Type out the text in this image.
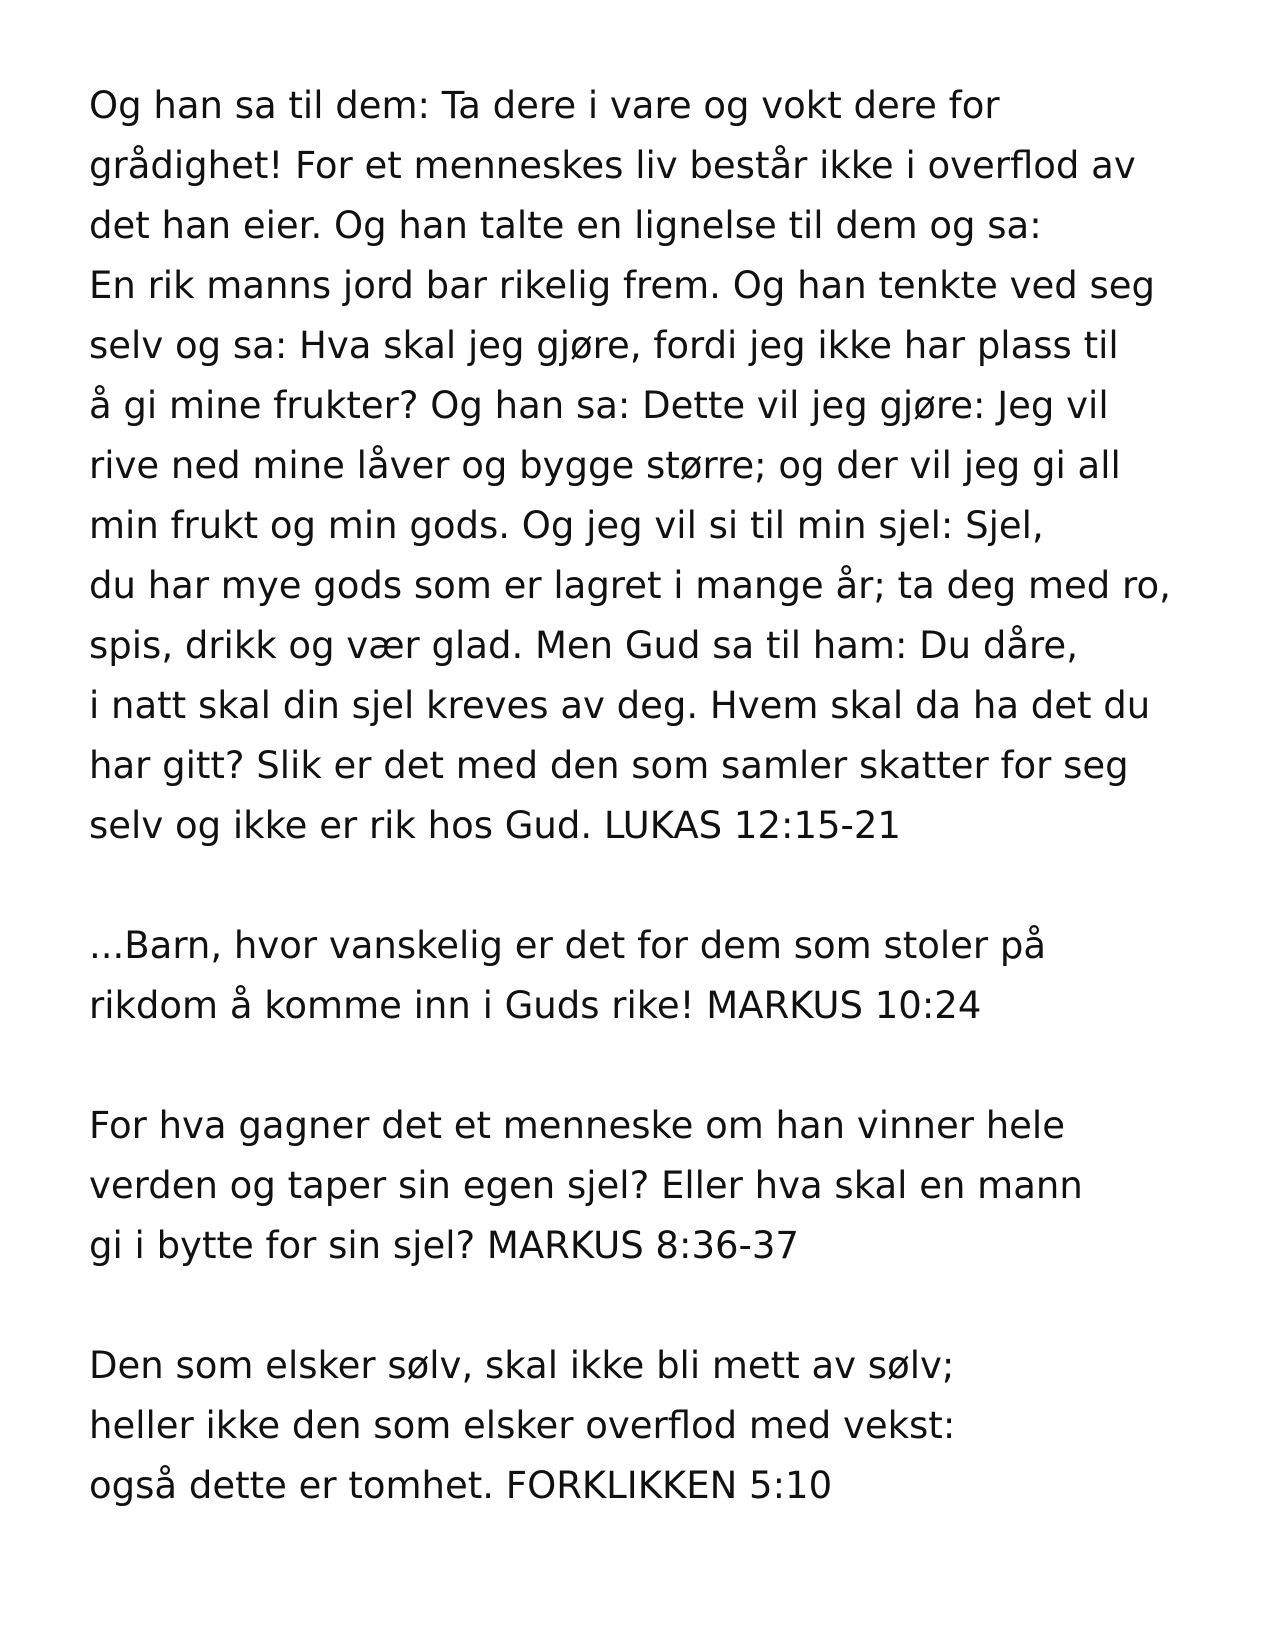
Og han sa til dem: Ta dere i vare og vokt dere for
grådighet! For et menneskes liv består ikke i overflod av
det han eier. Og han talte en lignelse til dem og sa:
En rik manns jord bar rikelig frem. Og han tenkte ved seg
selv og sa: Hva skal jeg gjøre, fordi jeg ikke har plass til
å gi mine frukter? Og han sa: Dette vil jeg gjøre: Jeg vil
rive ned mine låver og bygge større; og der vil jeg gi all
min frukt og min gods. Og jeg vil si til min sjel: Sjel,
du har mye gods som er lagret i mange år; ta deg med ro,
spis, drikk og vær glad. Men Gud sa til ham: Du dåre,
i natt skal din sjel kreves av deg. Hvem skal da ha det du
har gitt? Slik er det med den som samler skatter for seg
selv og ikke er rik hos Gud. LUKAS 12:15-21
...Barn, hvor vanskelig er det for dem som stoler på
rikdom å komme inn i Guds rike! MARKUS 10:24
For hva gagner det et menneske om han vinner hele
verden og taper sin egen sjel? Eller hva skal en mann
gi i bytte for sin sjel? MARKUS 8:36-37
Den som elsker sølv, skal ikke bli mett av sølv;
heller ikke den som elsker overflod med vekst:
også dette er tomhet. FORKLIKKEN 5:10
